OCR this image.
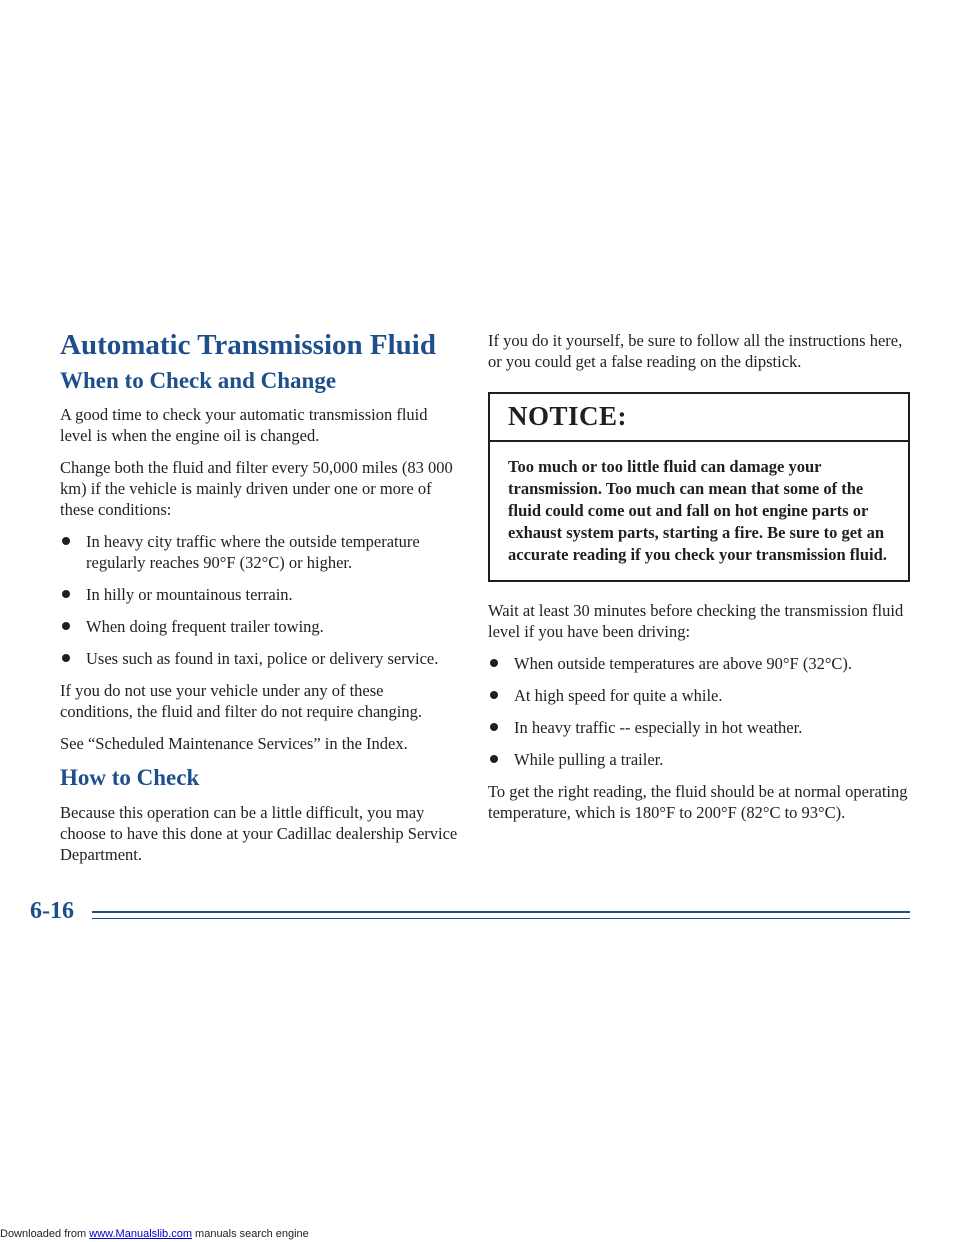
Automatic Transmission Fluid
When to Check and Change

A good time to check your automatic transmission fluid level is when the engine oil is changed.

Change both the fluid and filter every 50,000 miles (83 000 km) if the vehicle is mainly driven under one or more of these conditions:

In heavy city traffic where the outside temperature regularly reaches 90°F (32°C) or higher.
In hilly or mountainous terrain.
When doing frequent trailer towing.
Uses such as found in taxi, police or delivery service.

If you do not use your vehicle under any of these conditions, the fluid and filter do not require changing.

See “Scheduled Maintenance Services” in the Index.

How to Check

Because this operation can be a little difficult, you may choose to have this done at your Cadillac dealership Service Department.

If you do it yourself, be sure to follow all the instructions here, or you could get a false reading on the dipstick.

NOTICE:
Too much or too little fluid can damage your transmission. Too much can mean that some of the fluid could come out and fall on hot engine parts or exhaust system parts, starting a fire. Be sure to get an accurate reading if you check your transmission fluid.

Wait at least 30 minutes before checking the transmission fluid level if you have been driving:

When outside temperatures are above 90°F (32°C).
At high speed for quite a while.
In heavy traffic -- especially in hot weather.
While pulling a trailer.

To get the right reading, the fluid should be at normal operating temperature, which is 180°F to 200°F (82°C to 93°C).

6-16
Downloaded from www.Manualslib.com manuals search engine
